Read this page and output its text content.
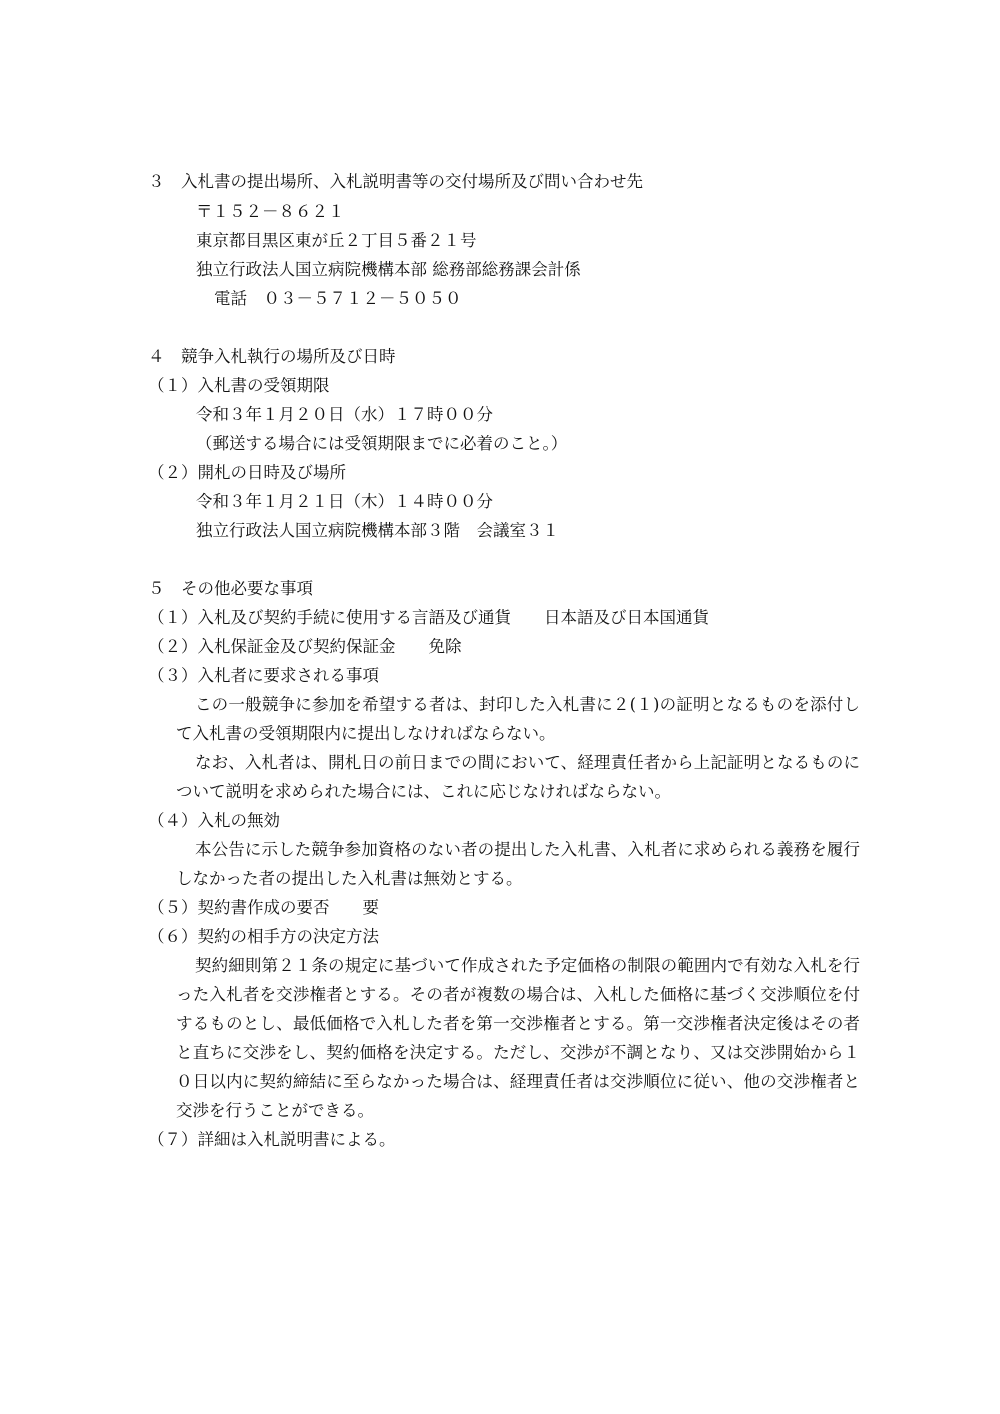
３　入札書の提出場所、入札説明書等の交付場所及び問い合わせ先
〒１５２－８６２１
東京都目黒区東が丘２丁目５番２１号
独立行政法人国立病院機構本部 総務部総務課会計係
電話　０３－５７１２－５０５０
４　競争入札執行の場所及び日時
（１）入札書の受領期限
令和３年１月２０日（水）１７時００分
（郵送する場合には受領期限までに必着のこと。）
（２）開札の日時及び場所
令和３年１月２１日（木）１４時００分
独立行政法人国立病院機構本部３階　会議室３１
５　その他必要な事項
（１）入札及び契約手続に使用する言語及び通貨　　日本語及び日本国通貨
（２）入札保証金及び契約保証金　　免除
（３）入札者に要求される事項
この一般競争に参加を希望する者は、封印した入札書に２(１)の証明となるものを添付して入札書の受領期限内に提出しなければならない。
なお、入札者は、開札日の前日までの間において、経理責任者から上記証明となるものについて説明を求められた場合には、これに応じなければならない。
（４）入札の無効
本公告に示した競争参加資格のない者の提出した入札書、入札者に求められる義務を履行しなかった者の提出した入札書は無効とする。
（５）契約書作成の要否　　要
（６）契約の相手方の決定方法
契約細則第２１条の規定に基づいて作成された予定価格の制限の範囲内で有効な入札を行った入札者を交渉権者とする。その者が複数の場合は、入札した価格に基づく交渉順位を付するものとし、最低価格で入札した者を第一交渉権者とする。第一交渉権者決定後はその者と直ちに交渉をし、契約価格を決定する。ただし、交渉が不調となり、又は交渉開始から１０日以内に契約締結に至らなかった場合は、経理責任者は交渉順位に従い、他の交渉権者と交渉を行うことができる。
（７）詳細は入札説明書による。
